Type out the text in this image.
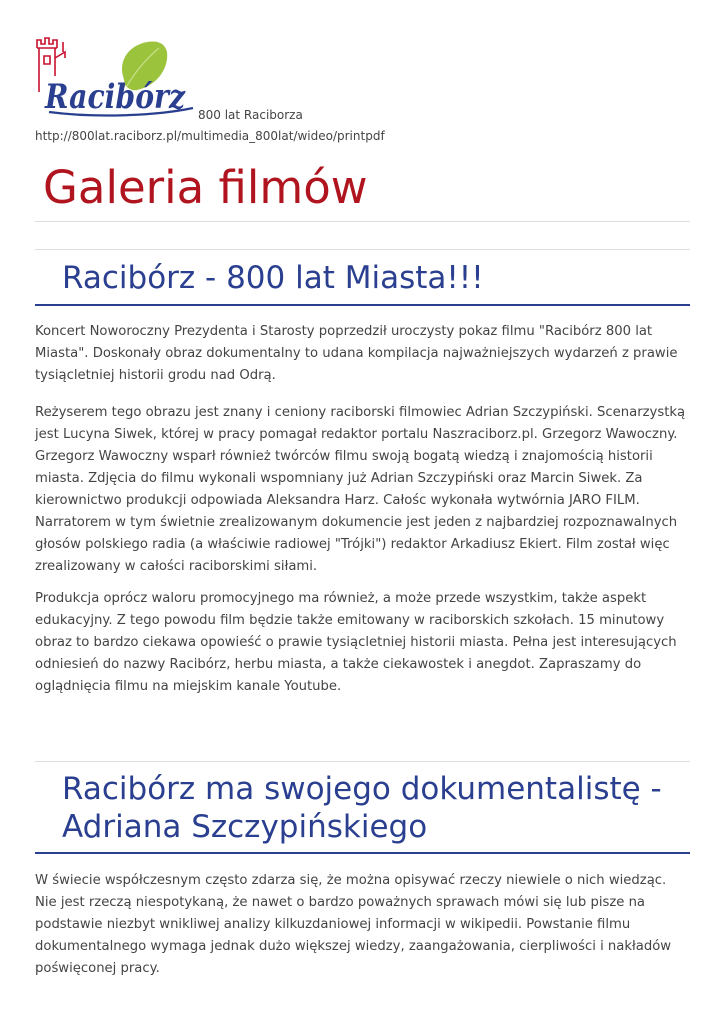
Racibórz 800 lat Raciborza
http://800lat.raciborz.pl/multimedia_800lat/wideo/printpdf
Galeria filmów
Racibórz - 800 lat Miasta!!!

Koncert Noworoczny Prezydenta i Starosty poprzedził uroczysty pokaz filmu "Racibórz 800 lat Miasta". Doskonały obraz dokumentalny to udana kompilacja najważniejszych wydarzeń z prawie tysiącletniej historii grodu nad Odrą.

Reżyserem tego obrazu jest znany i ceniony raciborski filmowiec Adrian Szczypiński. Scenarzystką jest Lucyna Siwek, której w pracy pomagał redaktor portalu Naszraciborz.pl. Grzegorz Wawoczny. Grzegorz Wawoczny wsparł również twórców filmu swoją bogatą wiedzą i znajomością historii miasta. Zdjęcia do filmu wykonali wspomniany już Adrian Szczypiński oraz Marcin Siwek. Za kierownictwo produkcji odpowiada Aleksandra Harz. Całośc wykonała wytwórnia JARO FILM. Narratorem w tym świetnie zrealizowanym dokumencie jest jeden z najbardziej rozpoznawalnych głosów polskiego radia (a właściwie radiowej "Trójki") redaktor Arkadiusz Ekiert. Film został więc zrealizowany w całości raciborskimi siłami.

Produkcja oprócz waloru promocyjnego ma również, a może przede wszystkim, także aspekt edukacyjny. Z tego powodu film będzie także emitowany w raciborskich szkołach. 15 minutowy obraz to bardzo ciekawa opowieść o prawie tysiącletniej historii miasta. Pełna jest interesujących odniesień do nazwy Racibórz, herbu miasta, a także ciekawostek i anegdot. Zapraszamy do oglądnięcia filmu na miejskim kanale Youtube.

Racibórz ma swojego dokumentalistę - Adriana Szczypińskiego

W świecie współczesnym często zdarza się, że można opisywać rzeczy niewiele o nich wiedząc. Nie jest rzeczą niespotykaną, że nawet o bardzo poważnych sprawach mówi się lub pisze na podstawie niezbyt wnikliwej analizy kilkuzdaniowej informacji w wikipedii. Powstanie filmu dokumentalnego wymaga jednak dużo większej wiedzy, zaangażowania, cierpliwości i nakładów poświęconej pracy.
